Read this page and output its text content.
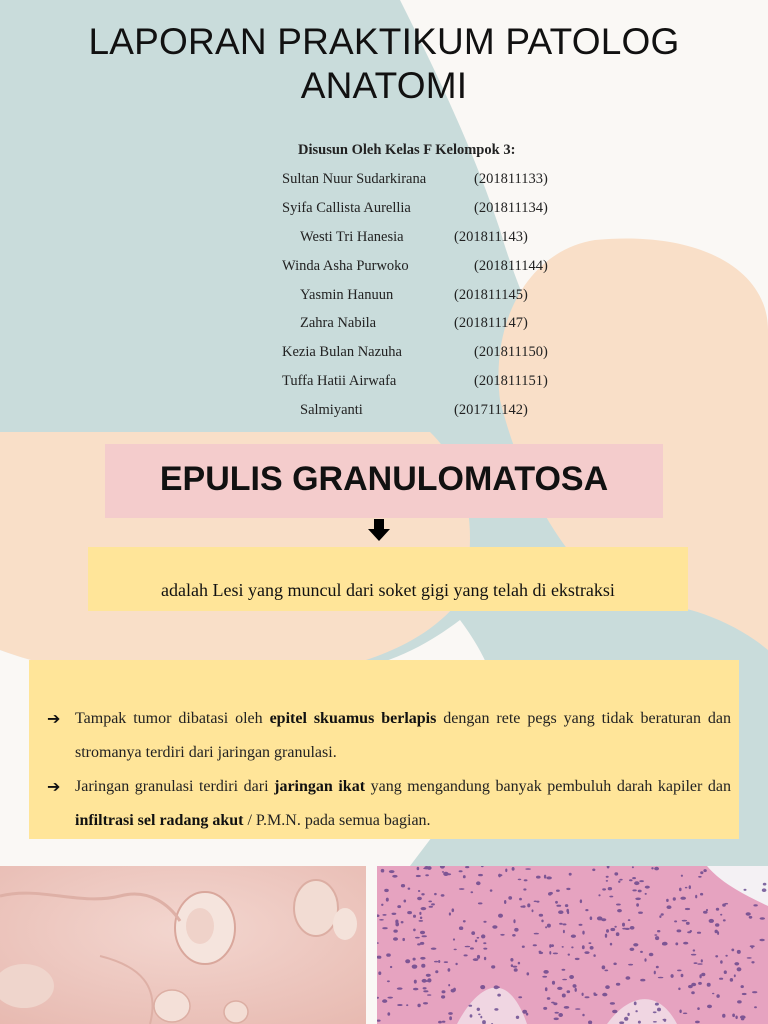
LAPORAN PRAKTIKUM PATOLOG
ANATOMI
Disusun Oleh Kelas F Kelompok 3:
Sultan Nuur Sudarkirana	(201811133)
Syifa Callista Aurellia	(201811134)
Westi Tri Hanesia	(201811143)
Winda Asha Purwoko	(201811144)
Yasmin Hanuun	(201811145)
Zahra Nabila	(201811147)
Kezia Bulan Nazuha	(201811150)
Tuffa Hatii Airwafa	(201811151)
Salmiyanti	(201711142)
EPULIS GRANULOMATOSA
adalah Lesi yang muncul dari soket gigi yang telah di ekstraksi
➔ Tampak tumor dibatasi oleh epitel skuamus berlapis dengan rete pegs yang tidak beraturan dan stromanya terdiri dari jaringan granulasi.
➔ Jaringan granulasi terdiri dari jaringan ikat yang mengandung banyak pembuluh darah kapiler dan infiltrasi sel radang akut / P.M.N. pada semua bagian.
